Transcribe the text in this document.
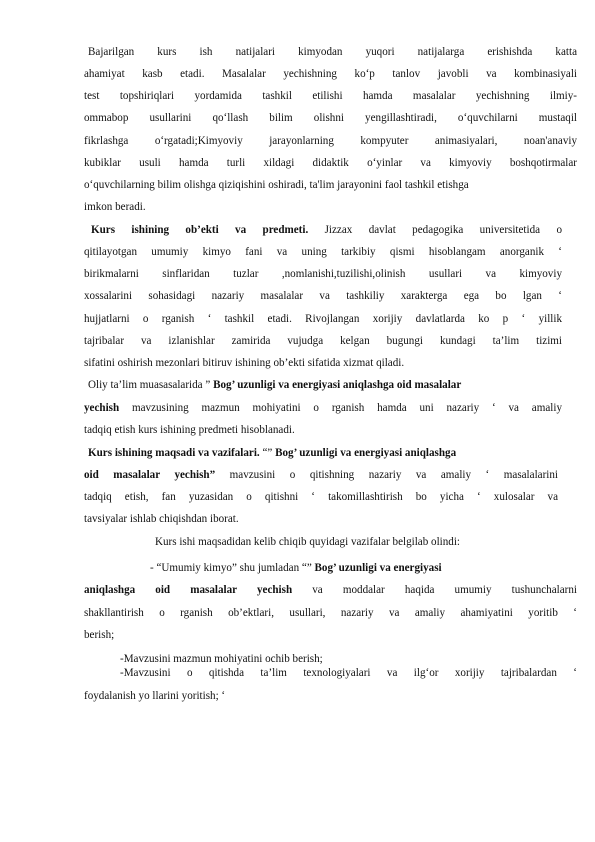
Bajarilgan kurs ish natijalari kimyodan yuqori natijalarga erishishda katta
ahamiyat kasb etadi. Masalalar yechishning ko‘p tanlov javobli va kombinasiyali
test topshiriqlari yordamida tashkil etilishi hamda masalalar yechishning ilmiy-
ommabop usullarini qo‘llash bilim olishni yengillashtiradi, o‘quvchilarni mustaqil
fikrlashga o‘rgatadi;Kimyoviy jarayonlarning kompyuter animasiyalari, noan'anaviy
kubiklar usuli hamda turli xildagi didaktik o‘yinlar va kimyoviy boshqotirmalar
o‘quvchilarning bilim olishga qiziqishini oshiradi, ta'lim jarayonini faol tashkil etishga
imkon beradi.
Kurs ishining ob’ekti va predmeti. Jizzax davlat pedagogika universitetida o
qitilayotgan umumiy kimyo fani va uning tarkibiy qismi hisoblangam anorganik ‘
birikmalarni sinflaridan tuzlar ,nomlanishi,tuzilishi,olinish usullari va kimyoviy
xossalarini sohasidagi nazariy masalalar va tashkiliy xarakterga ega bo lgan ‘
hujjatlarni o rganish ‘ tashkil etadi. Rivojlangan xorijiy davlatlarda ko p ‘ yillik
tajribalar va izlanishlar zamirida vujudga kelgan bugungi kundagi ta’lim tizimi
sifatini oshirish mezonlari bitiruv ishining ob’ekti sifatida xizmat qiladi.
Oliy ta’lim muasasalarida ” Bog’ uzunligi va energiyasi aniqlashga oid masalalar
yechish mavzusining mazmun mohiyatini o rganish hamda uni nazariy ‘ va amaliy
tadqiq etish kurs ishining predmeti hisoblanadi.
Kurs ishining maqsadi va vazifalari. “” Bog’ uzunligi va energiyasi aniqlashga
oid masalalar yechish” mavzusini o qitishning nazariy va amaliy ‘ masalalarini
tadqiq etish, fan yuzasidan o qitishni ‘ takomillashtirish bo yicha ‘ xulosalar va
tavsiyalar ishlab chiqishdan iborat.
Kurs ishi maqsadidan kelib chiqib quyidagi vazifalar belgilab olindi:
- “Umumiy kimyo” shu jumladan “” Bog’ uzunligi va energiyasi
aniqlashga oid masalalar yechish va moddalar haqida umumiy tushunchalarni
shakllantirish o rganish ob’ektlari, usullari, nazariy va amaliy ahamiyatini yoritib ‘
berish;
-Mavzusini mazmun mohiyatini ochib berish;
-Mavzusini o qitishda ta’lim texnologiyalari va ilg‘or xorijiy tajribalardan ‘
foydalanish yo llarini yoritish; ‘
